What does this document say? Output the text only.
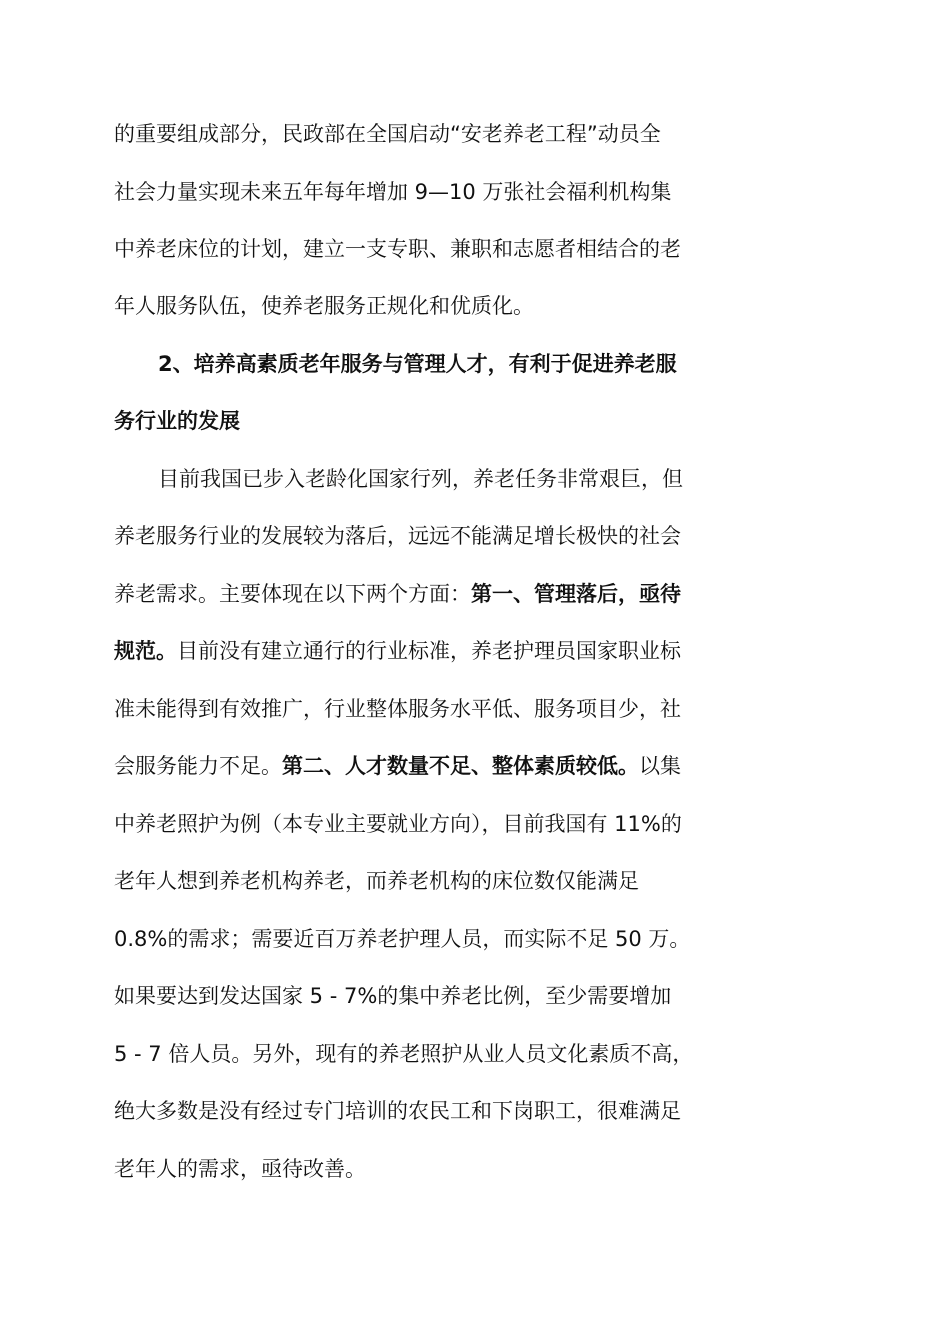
的重要组成部分，民政部在全国启动“安老养老工程”动员全
社会力量实现未来五年每年增加 9—10 万张社会福利机构集
中养老床位的计划，建立一支专职、兼职和志愿者相结合的老
年人服务队伍，使养老服务正规化和优质化。
2、培养高素质老年服务与管理人才，有利于促进养老服
务行业的发展
目前我国已步入老龄化国家行列，养老任务非常艰巨，但
养老服务行业的发展较为落后，远远不能满足增长极快的社会
养老需求。主要体现在以下两个方面：第一、管理落后，亟待
规范。目前没有建立通行的行业标准，养老护理员国家职业标
准未能得到有效推广，行业整体服务水平低、服务项目少，社
会服务能力不足。第二、人才数量不足、整体素质较低。以集
中养老照护为例（本专业主要就业方向），目前我国有 11%的
老年人想到养老机构养老，而养老机构的床位数仅能满足
0.8%的需求；需要近百万养老护理人员，而实际不足 50 万。
如果要达到发达国家 5 - 7%的集中养老比例，至少需要增加
5 - 7 倍人员。另外，现有的养老照护从业人员文化素质不高，
绝大多数是没有经过专门培训的农民工和下岗职工，很难满足
老年人的需求，亟待改善。
